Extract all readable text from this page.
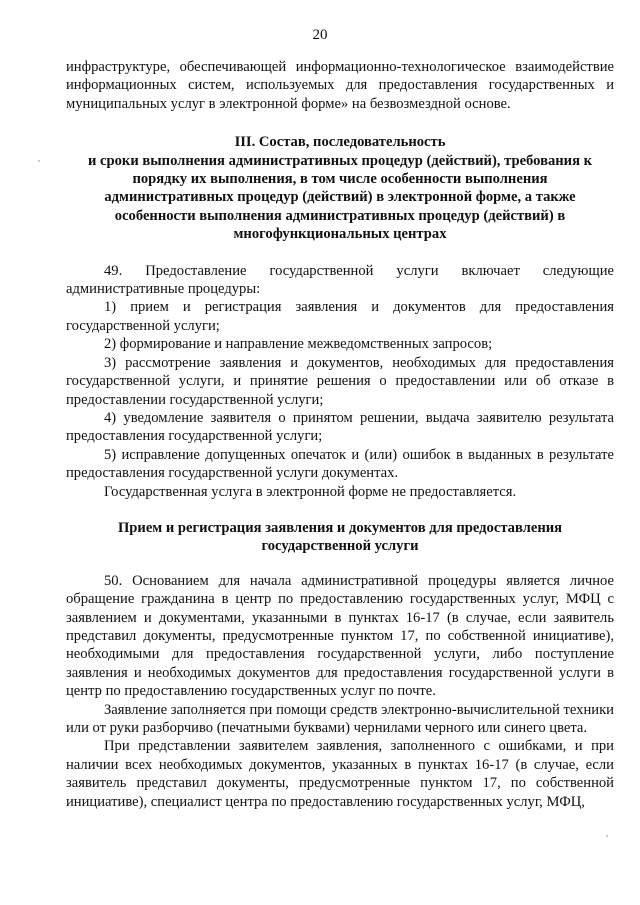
20

инфраструктуре, обеспечивающей информационно-технологическое взаимодействие информационных систем, используемых для предоставления государственных и муниципальных услуг в электронной форме» на безвозмездной основе.

III. Состав, последовательность
и сроки выполнения административных процедур (действий), требования к
порядку их выполнения, в том числе особенности выполнения
административных процедур (действий) в электронной форме, а также
особенности выполнения административных процедур (действий) в
многофункциональных центрах

49. Предоставление государственной услуги включает следующие административные процедуры:

1) прием и регистрация заявления и документов для предоставления государственной услуги;

2) формирование и направление межведомственных запросов;

3) рассмотрение заявления и документов, необходимых для предоставления государственной услуги, и принятие решения о предоставлении или об отказе в предоставлении государственной услуги;

4) уведомление заявителя о принятом решении, выдача заявителю результата предоставления государственной услуги;

5) исправление допущенных опечаток и (или) ошибок в выданных в результате предоставления государственной услуги документах.

Государственная услуга в электронной форме не предоставляется.

Прием и регистрация заявления и документов для предоставления
государственной услуги

50. Основанием для начала административной процедуры является личное обращение гражданина в центр по предоставлению государственных услуг, МФЦ с заявлением и документами, указанными в пунктах 16-17 (в случае, если заявитель представил документы, предусмотренные пунктом 17, по собственной инициативе), необходимыми для предоставления государственной услуги, либо поступление заявления и необходимых документов для предоставления государственной услуги в центр по предоставлению государственных услуг по почте.

Заявление заполняется при помощи средств электронно-вычислительной техники или от руки разборчиво (печатными буквами) чернилами черного или синего цвета.

При представлении заявителем заявления, заполненного с ошибками, и при наличии всех необходимых документов, указанных в пунктах 16-17 (в случае, если заявитель представил документы, предусмотренные пунктом 17, по собственной инициативе), специалист центра по предоставлению государственных услуг, МФЦ,
